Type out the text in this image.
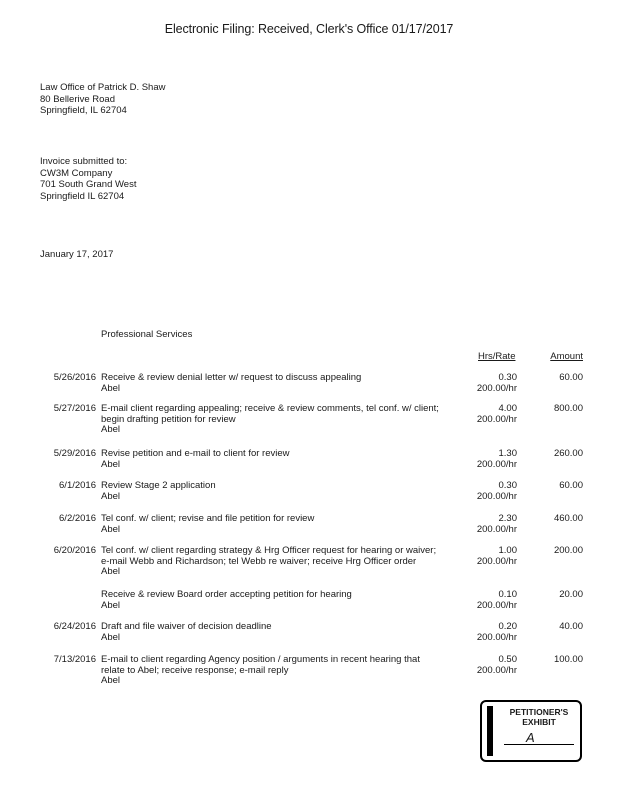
Electronic Filing: Received, Clerk's Office 01/17/2017
Law Office of Patrick D. Shaw
80 Bellerive Road
Springfield, IL 62704
Invoice submitted to:
CW3M Company
701 South Grand West
Springfield IL 62704
January 17, 2017
Professional Services
Hrs/Rate	Amount
5/26/2016 Receive & review denial letter w/ request to discuss appealing
Abel
0.30
200.00/hr
60.00
5/27/2016 E-mail client regarding appealing; receive & review comments, tel conf. w/ client;
begin drafting petition for review
Abel
4.00
200.00/hr
800.00
5/29/2016 Revise petition and e-mail to client for review
Abel
1.30
200.00/hr
260.00
6/1/2016 Review Stage 2 application
Abel
0.30
200.00/hr
60.00
6/2/2016 Tel conf. w/ client; revise and file petition for review
Abel
2.30
200.00/hr
460.00
6/20/2016 Tel conf. w/ client regarding strategy & Hrg Officer request for hearing or waiver;
e-mail Webb and Richardson; tel Webb re waiver; receive Hrg Officer order
Abel
1.00
200.00/hr
200.00
Receive & review Board order accepting petition for hearing
Abel
0.10
200.00/hr
20.00
6/24/2016 Draft and file waiver of decision deadline
Abel
0.20
200.00/hr
40.00
7/13/2016 E-mail to client regarding Agency position / arguments in recent hearing that
relate to Abel; receive response; e-mail reply
Abel
0.50
200.00/hr
100.00
PETITIONER'S
EXHIBIT
A
